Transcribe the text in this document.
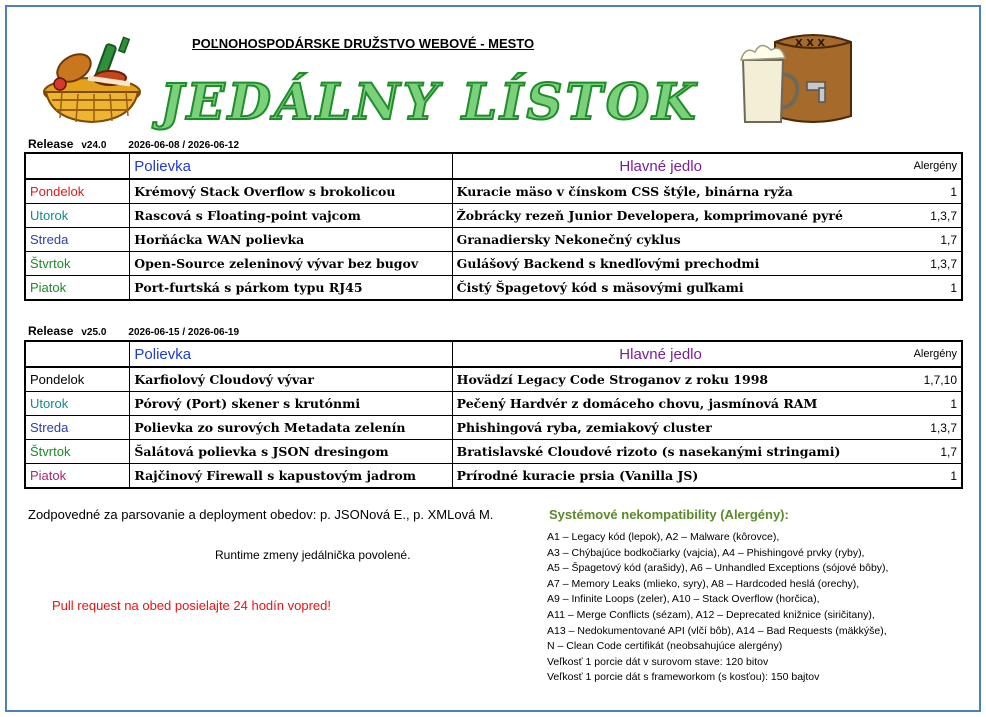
X X X
POĽNOHOSPODÁRSKE DRUŽSTVO WEBOVÉ - MESTO
JEDÁLNY LÍSTOK
Release v24.0 2026-06-08 / 2026-06-12
	Polievka	Hlavné jedlo	Alergény
Pondelok	Krémový Stack Overflow s brokolicou	Kuracie mäso v čínskom CSS štýle, binárna ryža	1
Utorok	Rascová s Floating-point vajcom	Žobrácky rezeň Junior Developera, komprimované pyré	1,3,7
Streda	Horňácka WAN polievka	Granadiersky Nekonečný cyklus	1,7
Štvrtok	Open-Source zeleninový vývar bez bugov	Gulášový Backend s knedľovými prechodmi	1,3,7
Piatok	Port-furtská s párkom typu RJ45	Čistý Špagetový kód s mäsovými guľkami	1
Release v25.0 2026-06-15 / 2026-06-19
	Polievka	Hlavné jedlo	Alergény
Pondelok	Karfiolový Cloudový vývar	Hovädzí Legacy Code Stroganov z roku 1998	1,7,10
Utorok	Pórový (Port) skener s krutónmi	Pečený Hardvér z domáceho chovu, jasmínová RAM	1
Streda	Polievka zo surových Metadata zelenín	Phishingová ryba, zemiakový cluster	1,3,7
Štvrtok	Šalátová polievka s JSON dresingom	Bratislavské Cloudové rizoto (s nasekanými stringami)	1,7
Piatok	Rajčinový Firewall s kapustovým jadrom	Prírodné kuracie prsia (Vanilla JS)	1
Zodpovedné za parsovanie a deployment obedov: p. JSONová E., p. XMLová M.
Runtime zmeny jedálnička povolené.
Pull request na obed posielajte 24 hodín vopred!
Systémové nekompatibility (Alergény):
A1 – Legacy kód (lepok), A2 – Malware (kôrovce),
A3 – Chýbajúce bodkočiarky (vajcia), A4 – Phishingové prvky (ryby),
A5 – Špagetový kód (arašidy), A6 – Unhandled Exceptions (sójové bôby),
A7 – Memory Leaks (mlieko, syry), A8 – Hardcoded heslá (orechy),
A9 – Infinite Loops (zeler), A10 – Stack Overflow (horčica),
A11 – Merge Conflicts (sézam), A12 – Deprecated knižnice (siričitany),
A13 – Nedokumentované API (vlčí bôb), A14 – Bad Requests (mäkkýše),
N – Clean Code certifikát (neobsahujúce alergény)
Veľkosť 1 porcie dát v surovom stave: 120 bitov
Veľkosť 1 porcie dát s frameworkom (s kosťou): 150 bajtov
